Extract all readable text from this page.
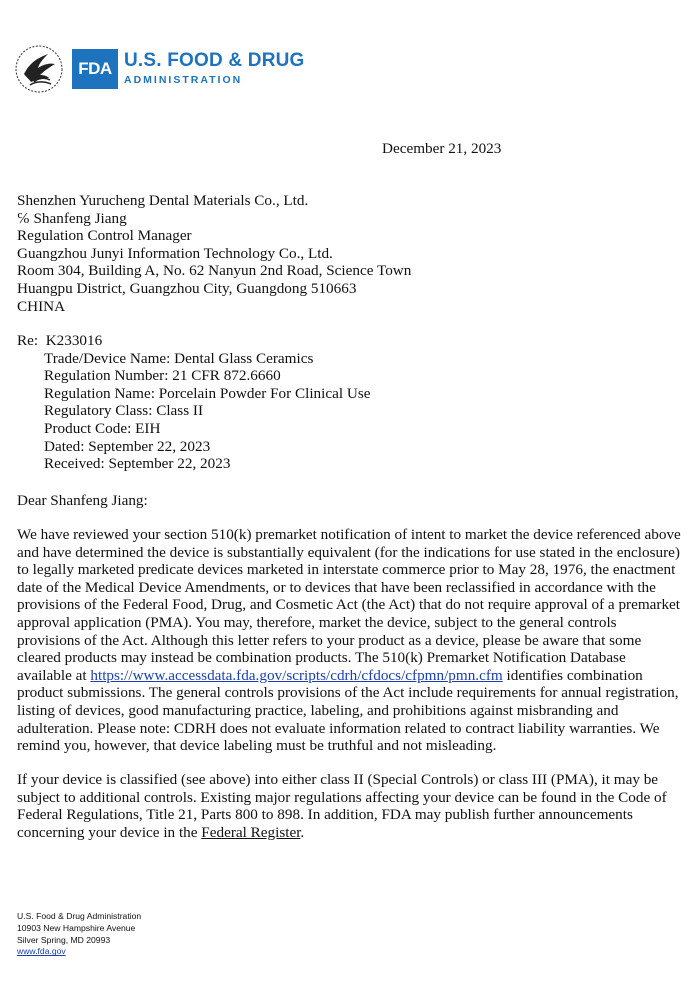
FDA U.S. FOOD & DRUG
ADMINISTRATION
December 21, 2023
Shenzhen Yurucheng Dental Materials Co., Ltd.
℅ Shanfeng Jiang
Regulation Control Manager
Guangzhou Junyi Information Technology Co., Ltd.
Room 304, Building A, No. 62 Nanyun 2nd Road, Science Town
Huangpu District, Guangzhou City, Guangdong 510663
CHINA
Re: K233016
Trade/Device Name: Dental Glass Ceramics
Regulation Number: 21 CFR 872.6660
Regulation Name: Porcelain Powder For Clinical Use
Regulatory Class: Class II
Product Code: EIH
Dated: September 22, 2023
Received: September 22, 2023
Dear Shanfeng Jiang:
We have reviewed your section 510(k) premarket notification of intent to market the device referenced above
and have determined the device is substantially equivalent (for the indications for use stated in the enclosure)
to legally marketed predicate devices marketed in interstate commerce prior to May 28, 1976, the enactment
date of the Medical Device Amendments, or to devices that have been reclassified in accordance with the
provisions of the Federal Food, Drug, and Cosmetic Act (the Act) that do not require approval of a premarket
approval application (PMA). You may, therefore, market the device, subject to the general controls
provisions of the Act. Although this letter refers to your product as a device, please be aware that some
cleared products may instead be combination products. The 510(k) Premarket Notification Database
available at https://www.accessdata.fda.gov/scripts/cdrh/cfdocs/cfpmn/pmn.cfm identifies combination
product submissions. The general controls provisions of the Act include requirements for annual registration,
listing of devices, good manufacturing practice, labeling, and prohibitions against misbranding and
adulteration. Please note: CDRH does not evaluate information related to contract liability warranties. We
remind you, however, that device labeling must be truthful and not misleading.
If your device is classified (see above) into either class II (Special Controls) or class III (PMA), it may be
subject to additional controls. Existing major regulations affecting your device can be found in the Code of
Federal Regulations, Title 21, Parts 800 to 898. In addition, FDA may publish further announcements
concerning your device in the Federal Register.
U.S. Food & Drug Administration
10903 New Hampshire Avenue
Silver Spring, MD 20993
www.fda.gov
